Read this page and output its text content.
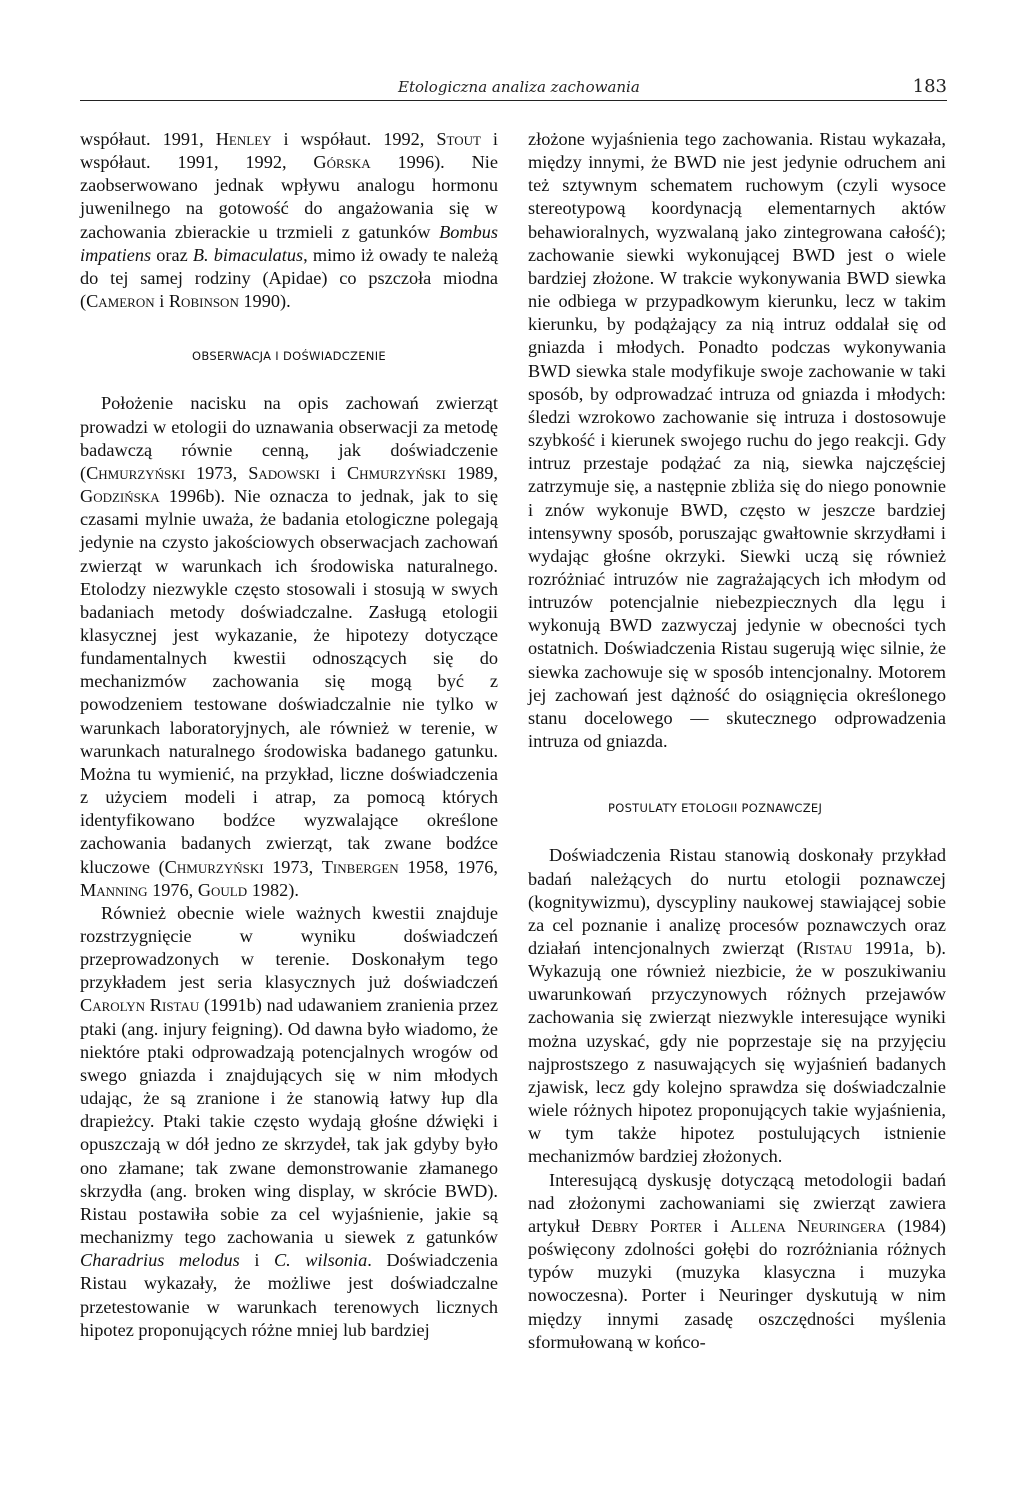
Etologiczna analiza zachowania	183

współaut. 1991, Henley i współaut. 1992, Stout i współaut. 1991, 1992, Górska 1996). Nie zaobserwowano jednak wpływu analogu hormonu juwenilnego na gotowość do angażowania się w zachowania zbierackie u trzmieli z gatunków Bombus impatiens oraz B. bimaculatus, mimo iż owady te należą do tej samej rodziny (Apidae) co pszczoła miodna (Cameron i Robinson 1990).

OBSERWACJA I DOŚWIADCZENIE

Położenie nacisku na opis zachowań zwierząt prowadzi w etologii do uznawania obserwacji za metodę badawczą równie cenną, jak doświadczenie (Chmurzyński 1973, Sadowski i Chmurzyński 1989, Godzińska 1996b). Nie oznacza to jednak, jak to się czasami mylnie uważa, że badania etologiczne polegają jedynie na czysto jakościowych obserwacjach zachowań zwierząt w warunkach ich środowiska naturalnego. Etolodzy niezwykle często stosowali i stosują w swych badaniach metody doświadczalne. Zasługą etologii klasycznej jest wykazanie, że hipotezy dotyczące fundamentalnych kwestii odnoszących się do mechanizmów zachowania się mogą być z powodzeniem testowane doświadczalnie nie tylko w warunkach laboratoryjnych, ale również w terenie, w warunkach naturalnego środowiska badanego gatunku. Można tu wymienić, na przykład, liczne doświadczenia z użyciem modeli i atrap, za pomocą których identyfikowano bodźce wyzwalające określone zachowania badanych zwierząt, tak zwane bodźce kluczowe (Chmurzyński 1973, Tinbergen 1958, 1976, Manning 1976, Gould 1982).

Również obecnie wiele ważnych kwestii znajduje rozstrzygnięcie w wyniku doświadczeń przeprowadzonych w terenie. Doskonałym tego przykładem jest seria klasycznych już doświadczeń Carolyn Ristau (1991b) nad udawaniem zranienia przez ptaki (ang. injury feigning). Od dawna było wiadomo, że niektóre ptaki odprowadzają potencjalnych wrogów od swego gniazda i znajdujących się w nim młodych udając, że są zranione i że stanowią łatwy łup dla drapieżcy. Ptaki takie często wydają głośne dźwięki i opuszczają w dół jedno ze skrzydeł, tak jak gdyby było ono złamane; tak zwane demonstrowanie złamanego skrzydła (ang. broken wing display, w skrócie BWD). Ristau postawiła sobie za cel wyjaśnienie, jakie są mechanizmy tego zachowania u siewek z gatunków Charadrius melodus i C. wilsonia. Doświadczenia Ristau wykazały, że możliwe jest doświadczalne przetestowanie w warunkach terenowych licznych hipotez proponujących różne mniej lub bardziej

złożone wyjaśnienia tego zachowania. Ristau wykazała, między innymi, że BWD nie jest jedynie odruchem ani też sztywnym schematem ruchowym (czyli wysoce stereotypową koordynacją elementarnych aktów behawioralnych, wyzwalaną jako zintegrowana całość); zachowanie siewki wykonującej BWD jest o wiele bardziej złożone. W trakcie wykonywania BWD siewka nie odbiega w przypadkowym kierunku, lecz w takim kierunku, by podążający za nią intruz oddalał się od gniazda i młodych. Ponadto podczas wykonywania BWD siewka stale modyfikuje swoje zachowanie w taki sposób, by odprowadzać intruza od gniazda i młodych: śledzi wzrokowo zachowanie się intruza i dostosowuje szybkość i kierunek swojego ruchu do jego reakcji. Gdy intruz przestaje podążać za nią, siewka najczęściej zatrzymuje się, a następnie zbliża się do niego ponownie i znów wykonuje BWD, często w jeszcze bardziej intensywny sposób, poruszając gwałtownie skrzydłami i wydając głośne okrzyki. Siewki uczą się również rozróżniać intruzów nie zagrażających ich młodym od intruzów potencjalnie niebezpiecznych dla lęgu i wykonują BWD zazwyczaj jedynie w obecności tych ostatnich. Doświadczenia Ristau sugerują więc silnie, że siewka zachowuje się w sposób intencjonalny. Motorem jej zachowań jest dążność do osiągnięcia określonego stanu docelowego — skutecznego odprowadzenia intruza od gniazda.

POSTULATY ETOLOGII POZNAWCZEJ

Doświadczenia Ristau stanowią doskonały przykład badań należących do nurtu etologii poznawczej (kognitywizmu), dyscypliny naukowej stawiającej sobie za cel poznanie i analizę procesów poznawczych oraz działań intencjonalnych zwierząt (Ristau 1991a, b). Wykazują one również niezbicie, że w poszukiwaniu uwarunkowań przyczynowych różnych przejawów zachowania się zwierząt niezwykle interesujące wyniki można uzyskać, gdy nie poprzestaje się na przyjęciu najprostszego z nasuwających się wyjaśnień badanych zjawisk, lecz gdy kolejno sprawdza się doświadczalnie wiele różnych hipotez proponujących takie wyjaśnienia, w tym także hipotez postulujących istnienie mechanizmów bardziej złożonych.

Interesującą dyskusję dotyczącą metodologii badań nad złożonymi zachowaniami się zwierząt zawiera artykuł Debry Porter i Allena Neuringera (1984) poświęcony zdolności gołębi do rozróżniania różnych typów muzyki (muzyka klasyczna i muzyka nowoczesna). Porter i Neuringer dyskutują w nim między innymi zasadę oszczędności myślenia sformułowaną w końco-
